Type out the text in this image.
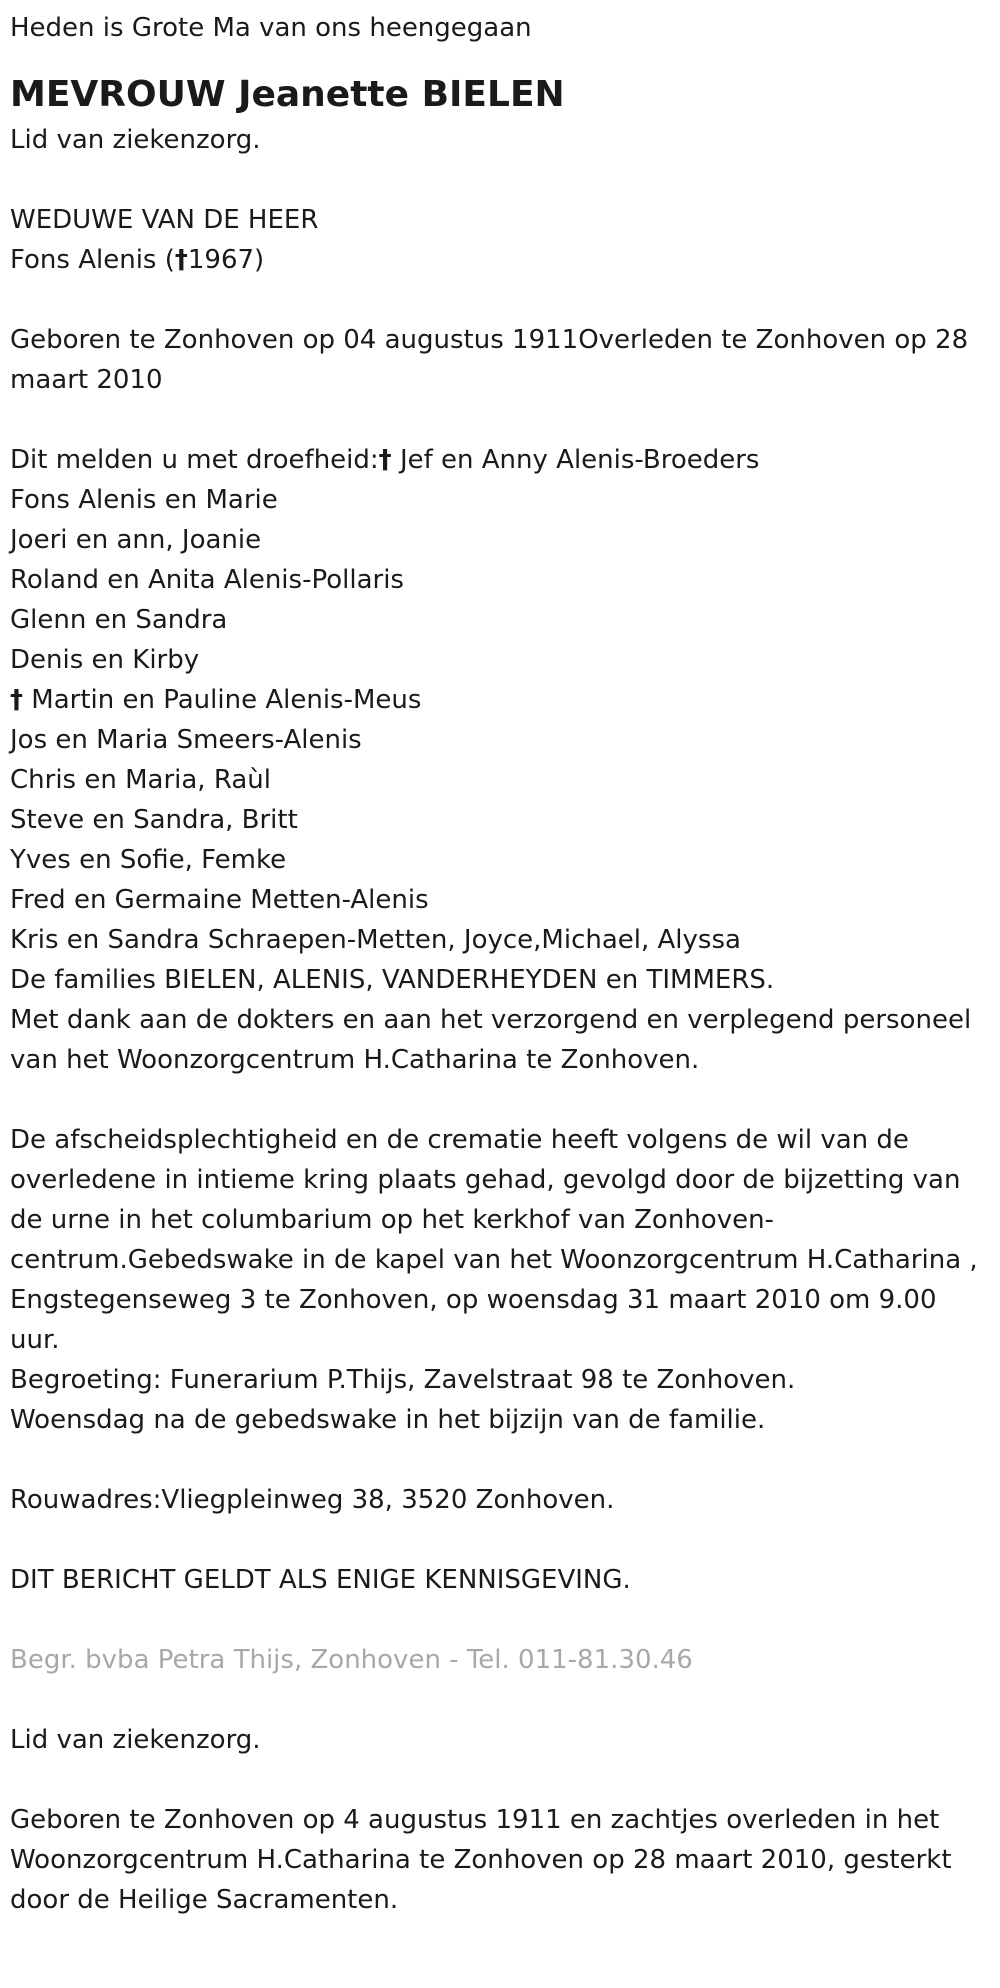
Heden is Grote Ma van ons heengegaan

MEVROUW Jeanette BIELEN

Lid van ziekenzorg.

WEDUWE VAN DE HEER

Fons Alenis (†1967)

Geboren te Zonhoven op 04 augustus 1911Overleden te Zonhoven op 28 maart 2010

Dit melden u met droefheid:† Jef en Anny Alenis-Broeders

Fons Alenis en Marie

Joeri en ann, Joanie

Roland en Anita Alenis-Pollaris

Glenn en Sandra

Denis en Kirby

† Martin en Pauline Alenis-Meus

Jos en Maria Smeers-Alenis

Chris en Maria, Raùl

Steve en Sandra, Britt

Yves en Sofie, Femke

Fred en Germaine Metten-Alenis

Kris en Sandra Schraepen-Metten, Joyce,Michael, Alyssa

De families BIELEN, ALENIS, VANDERHEYDEN en TIMMERS.

Met dank aan de dokters en aan het verzorgend en verplegend personeel van het Woonzorgcentrum H.Catharina te Zonhoven.

De afscheidsplechtigheid en de crematie heeft volgens de wil van de overledene in intieme kring plaats gehad, gevolgd door de bijzetting van de urne in het columbarium op het kerkhof van Zonhoven-centrum.Gebedswake in de kapel van het Woonzorgcentrum H.Catharina ,

Engstegenseweg 3 te Zonhoven, op woensdag 31 maart 2010 om 9.00 uur.

Begroeting: Funerarium P.Thijs, Zavelstraat 98 te Zonhoven.

Woensdag na de gebedswake in het bijzijn van de familie.

Rouwadres:Vliegpleinweg 38, 3520 Zonhoven.

DIT BERICHT GELDT ALS ENIGE KENNISGEVING.

Begr. bvba Petra Thijs, Zonhoven - Tel. 011-81.30.46

Lid van ziekenzorg.

Geboren te Zonhoven op 4 augustus 1911 en zachtjes overleden in het Woonzorgcentrum H.Catharina te Zonhoven op 28 maart 2010, gesterkt door de Heilige Sacramenten.
